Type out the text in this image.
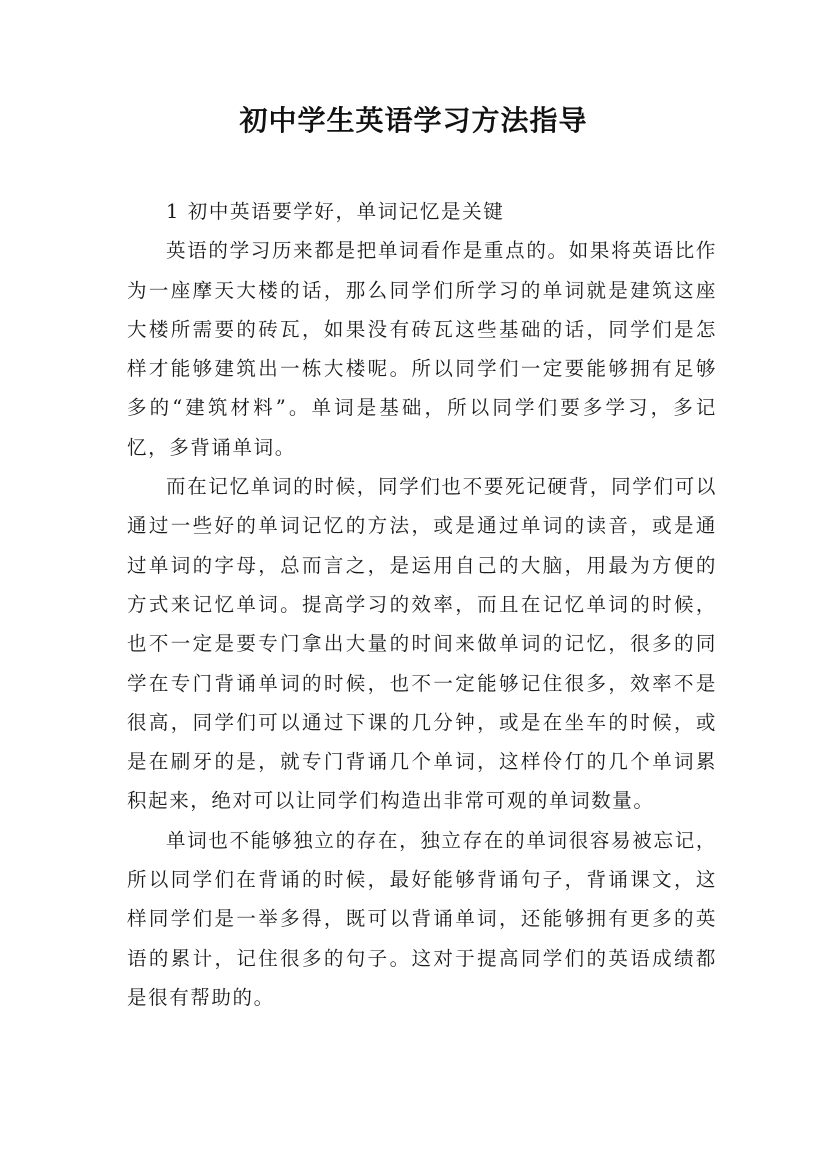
初中学生英语学习方法指导

1 初中英语要学好，单词记忆是关键

英语的学习历来都是把单词看作是重点的。如果将英语比作为一座摩天大楼的话，那么同学们所学习的单词就是建筑这座大楼所需要的砖瓦，如果没有砖瓦这些基础的话，同学们是怎样才能够建筑出一栋大楼呢。所以同学们一定要能够拥有足够多的“建筑材料”。单词是基础，所以同学们要多学习，多记忆，多背诵单词。

而在记忆单词的时候，同学们也不要死记硬背，同学们可以通过一些好的单词记忆的方法，或是通过单词的读音，或是通过单词的字母，总而言之，是运用自己的大脑，用最为方便的方式来记忆单词。提高学习的效率，而且在记忆单词的时候，也不一定是要专门拿出大量的时间来做单词的记忆，很多的同学在专门背诵单词的时候，也不一定能够记住很多，效率不是很高，同学们可以通过下课的几分钟，或是在坐车的时候，或是在刷牙的是，就专门背诵几个单词，这样伶仃的几个单词累积起来，绝对可以让同学们构造出非常可观的单词数量。

单词也不能够独立的存在，独立存在的单词很容易被忘记，所以同学们在背诵的时候，最好能够背诵句子，背诵课文，这样同学们是一举多得，既可以背诵单词，还能够拥有更多的英语的累计，记住很多的句子。这对于提高同学们的英语成绩都是很有帮助的。
